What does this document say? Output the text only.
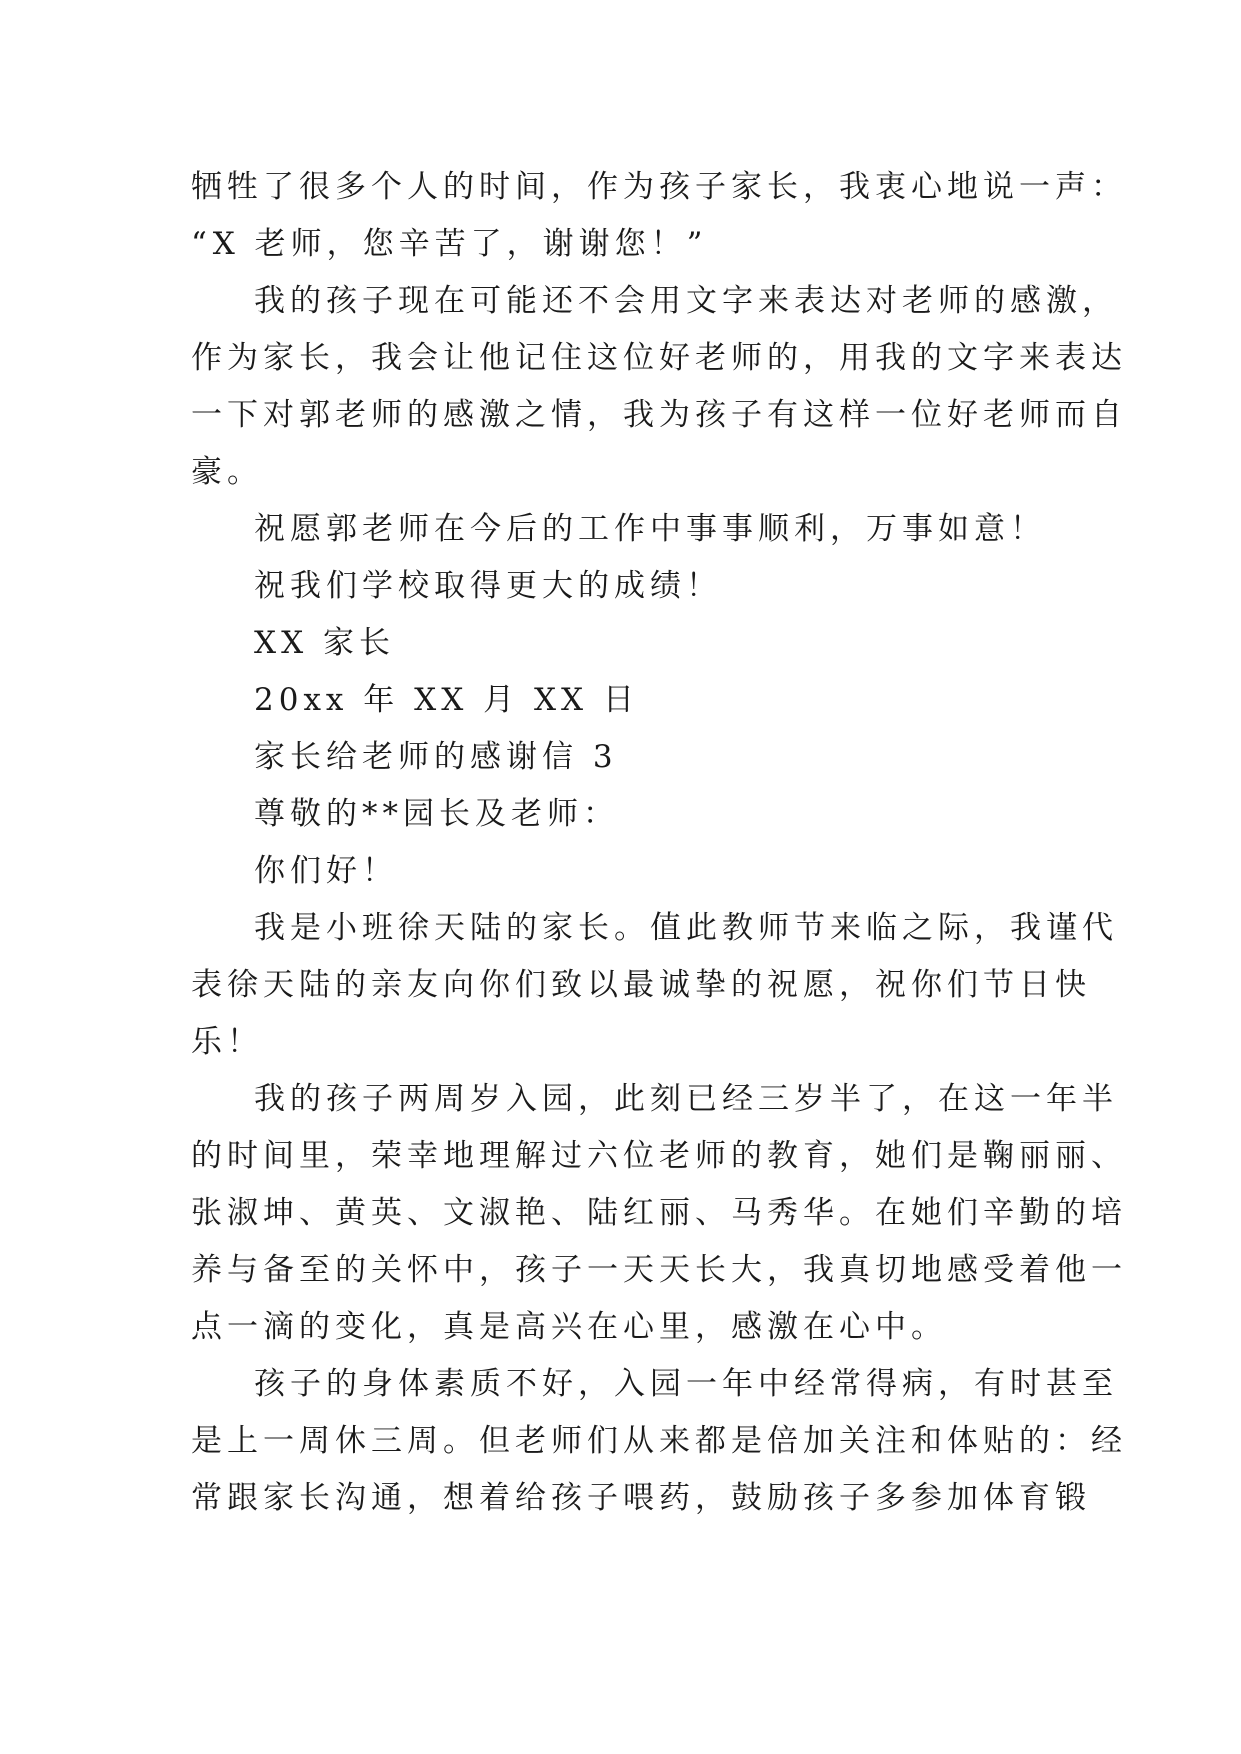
牺牲了很多个人的时间，作为孩子家长，我衷心地说一声：
“X 老师，您辛苦了，谢谢您！”
我的孩子现在可能还不会用文字来表达对老师的感激，
作为家长，我会让他记住这位好老师的，用我的文字来表达
一下对郭老师的感激之情，我为孩子有这样一位好老师而自
豪。
祝愿郭老师在今后的工作中事事顺利，万事如意！
祝我们学校取得更大的成绩！
XX 家长
20xx 年 XX 月 XX 日
家长给老师的感谢信 3
尊敬的**园长及老师：
你们好！
我是小班徐天陆的家长。值此教师节来临之际，我谨代
表徐天陆的亲友向你们致以最诚挚的祝愿，祝你们节日快
乐！
我的孩子两周岁入园，此刻已经三岁半了，在这一年半
的时间里，荣幸地理解过六位老师的教育，她们是鞠丽丽、
张淑坤、黄英、文淑艳、陆红丽、马秀华。在她们辛勤的培
养与备至的关怀中，孩子一天天长大，我真切地感受着他一
点一滴的变化，真是高兴在心里，感激在心中。
孩子的身体素质不好，入园一年中经常得病，有时甚至
是上一周休三周。但老师们从来都是倍加关注和体贴的：经
常跟家长沟通，想着给孩子喂药，鼓励孩子多参加体育锻
